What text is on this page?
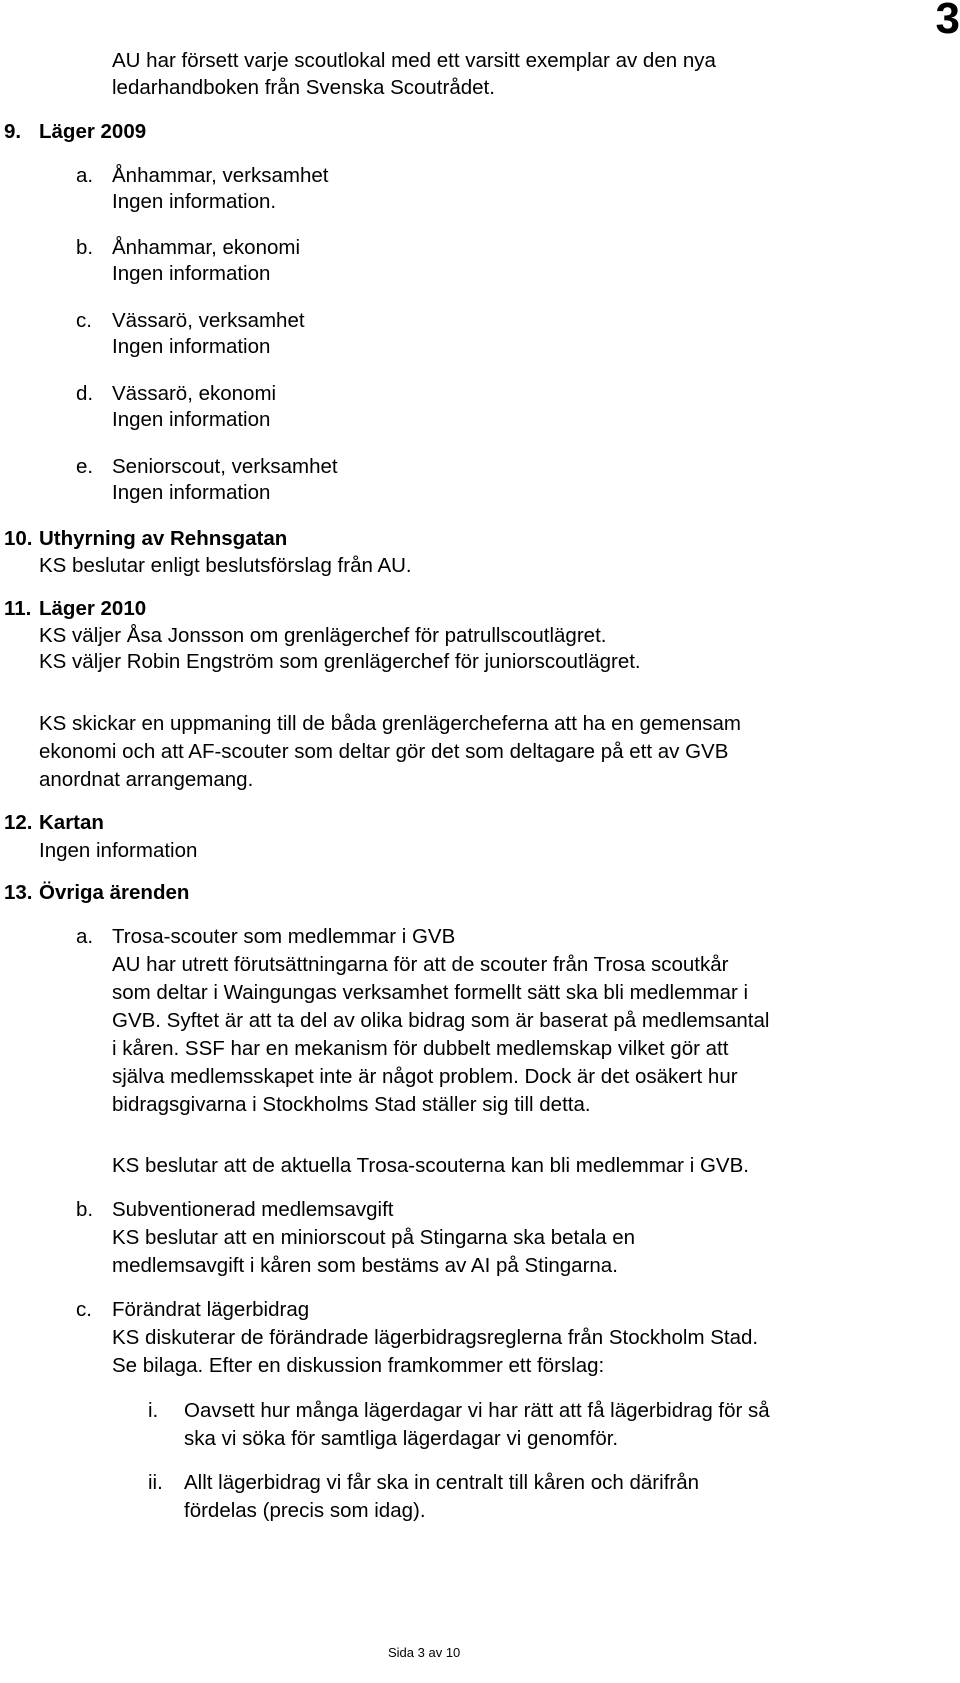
3
AU har försett varje scoutlokal med ett varsitt exemplar av den nya
ledarhandboken från Svenska Scoutrådet.
9. Läger 2009
a. Ånhammar, verksamhet
Ingen information.
b. Ånhammar, ekonomi
Ingen information
c. Vässarö, verksamhet
Ingen information
d. Vässarö, ekonomi
Ingen information
e. Seniorscout, verksamhet
Ingen information
10. Uthyrning av Rehnsgatan
KS beslutar enligt beslutsförslag från AU.
11. Läger 2010
KS väljer Åsa Jonsson om grenlägerchef för patrullscoutlägret.
KS väljer Robin Engström som grenlägerchef för juniorscoutlägret.
KS skickar en uppmaning till de båda grenlägercheferna att ha en gemensam
ekonomi och att AF-scouter som deltar gör det som deltagare på ett av GVB
anordnat arrangemang.
12. Kartan
Ingen information
13. Övriga ärenden
a. Trosa-scouter som medlemmar i GVB
AU har utrett förutsättningarna för att de scouter från Trosa scoutkår
som deltar i Waingungas verksamhet formellt sätt ska bli medlemmar i
GVB. Syftet är att ta del av olika bidrag som är baserat på medlemsantal
i kåren. SSF har en mekanism för dubbelt medlemskap vilket gör att
själva medlemsskapet inte är något problem. Dock är det osäkert hur
bidragsgivarna i Stockholms Stad ställer sig till detta.
KS beslutar att de aktuella Trosa-scouterna kan bli medlemmar i GVB.
b. Subventionerad medlemsavgift
KS beslutar att en miniorscout på Stingarna ska betala en
medlemsavgift i kåren som bestäms av AI på Stingarna.
c. Förändrat lägerbidrag
KS diskuterar de förändrade lägerbidragsreglerna från Stockholm Stad.
Se bilaga. Efter en diskussion framkommer ett förslag:
i. Oavsett hur många lägerdagar vi har rätt att få lägerbidrag för så
ska vi söka för samtliga lägerdagar vi genomför.
ii. Allt lägerbidrag vi får ska in centralt till kåren och därifrån
fördelas (precis som idag).
Sida 3 av 10
